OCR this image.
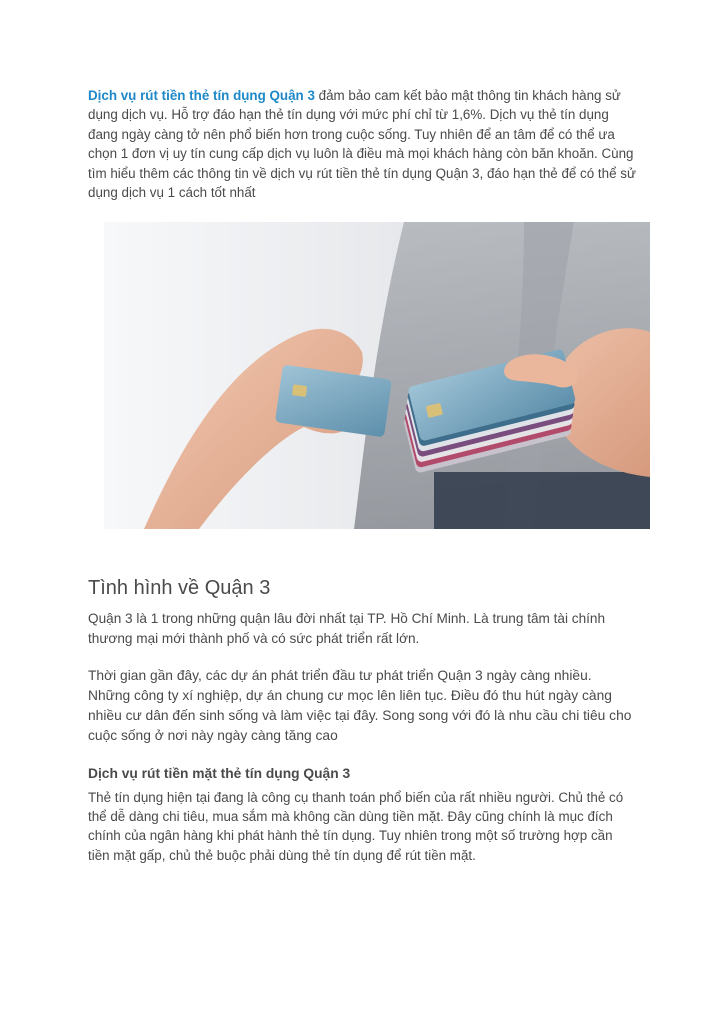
Dịch vụ rút tiền thẻ tín dụng Quận 3 đảm bảo cam kết bảo mật thông tin khách hàng sử dụng dịch vụ. Hỗ trợ đáo hạn thẻ tín dụng với mức phí chỉ từ 1,6%. Dịch vụ thẻ tín dụng đang ngày càng tở nên phổ biến hơn trong cuộc sống. Tuy nhiên để an tâm để có thể ưa chọn 1 đơn vị uy tín cung cấp dịch vụ luôn là điều mà mọi khách hàng còn băn khoăn. Cùng tìm hiểu thêm các thông tin về dịch vụ rút tiền thẻ tín dụng Quận 3, đáo hạn thẻ để có thể sử dụng dịch vụ 1 cách tốt nhất

Tình hình về Quận 3

Quận 3 là 1 trong những quận lâu đời nhất tại TP. Hồ Chí Minh. Là trung tâm tài chính thương mại mới thành phố và có sức phát triển rất lớn.

Thời gian gần đây, các dự án phát triển đầu tư phát triển Quận 3 ngày càng nhiều. Những công ty xí nghiệp, dự án chung cư mọc lên liên tục. Điều đó thu hút ngày càng nhiều cư dân đến sinh sống và làm việc tại đây. Song song với đó là nhu cầu chi tiêu cho cuộc sống ở nơi này ngày càng tăng cao

Dịch vụ rút tiền mặt thẻ tín dụng Quận 3

Thẻ tín dụng hiện tại đang là công cụ thanh toán phổ biến của rất nhiều người. Chủ thẻ có thể dễ dàng chi tiêu, mua sắm mà không cần dùng tiền mặt. Đây cũng chính là mục đích chính của ngân hàng khi phát hành thẻ tín dụng. Tuy nhiên trong một số trường hợp cần tiền mặt gấp, chủ thẻ buộc phải dùng thẻ tín dụng để rút tiền mặt.
